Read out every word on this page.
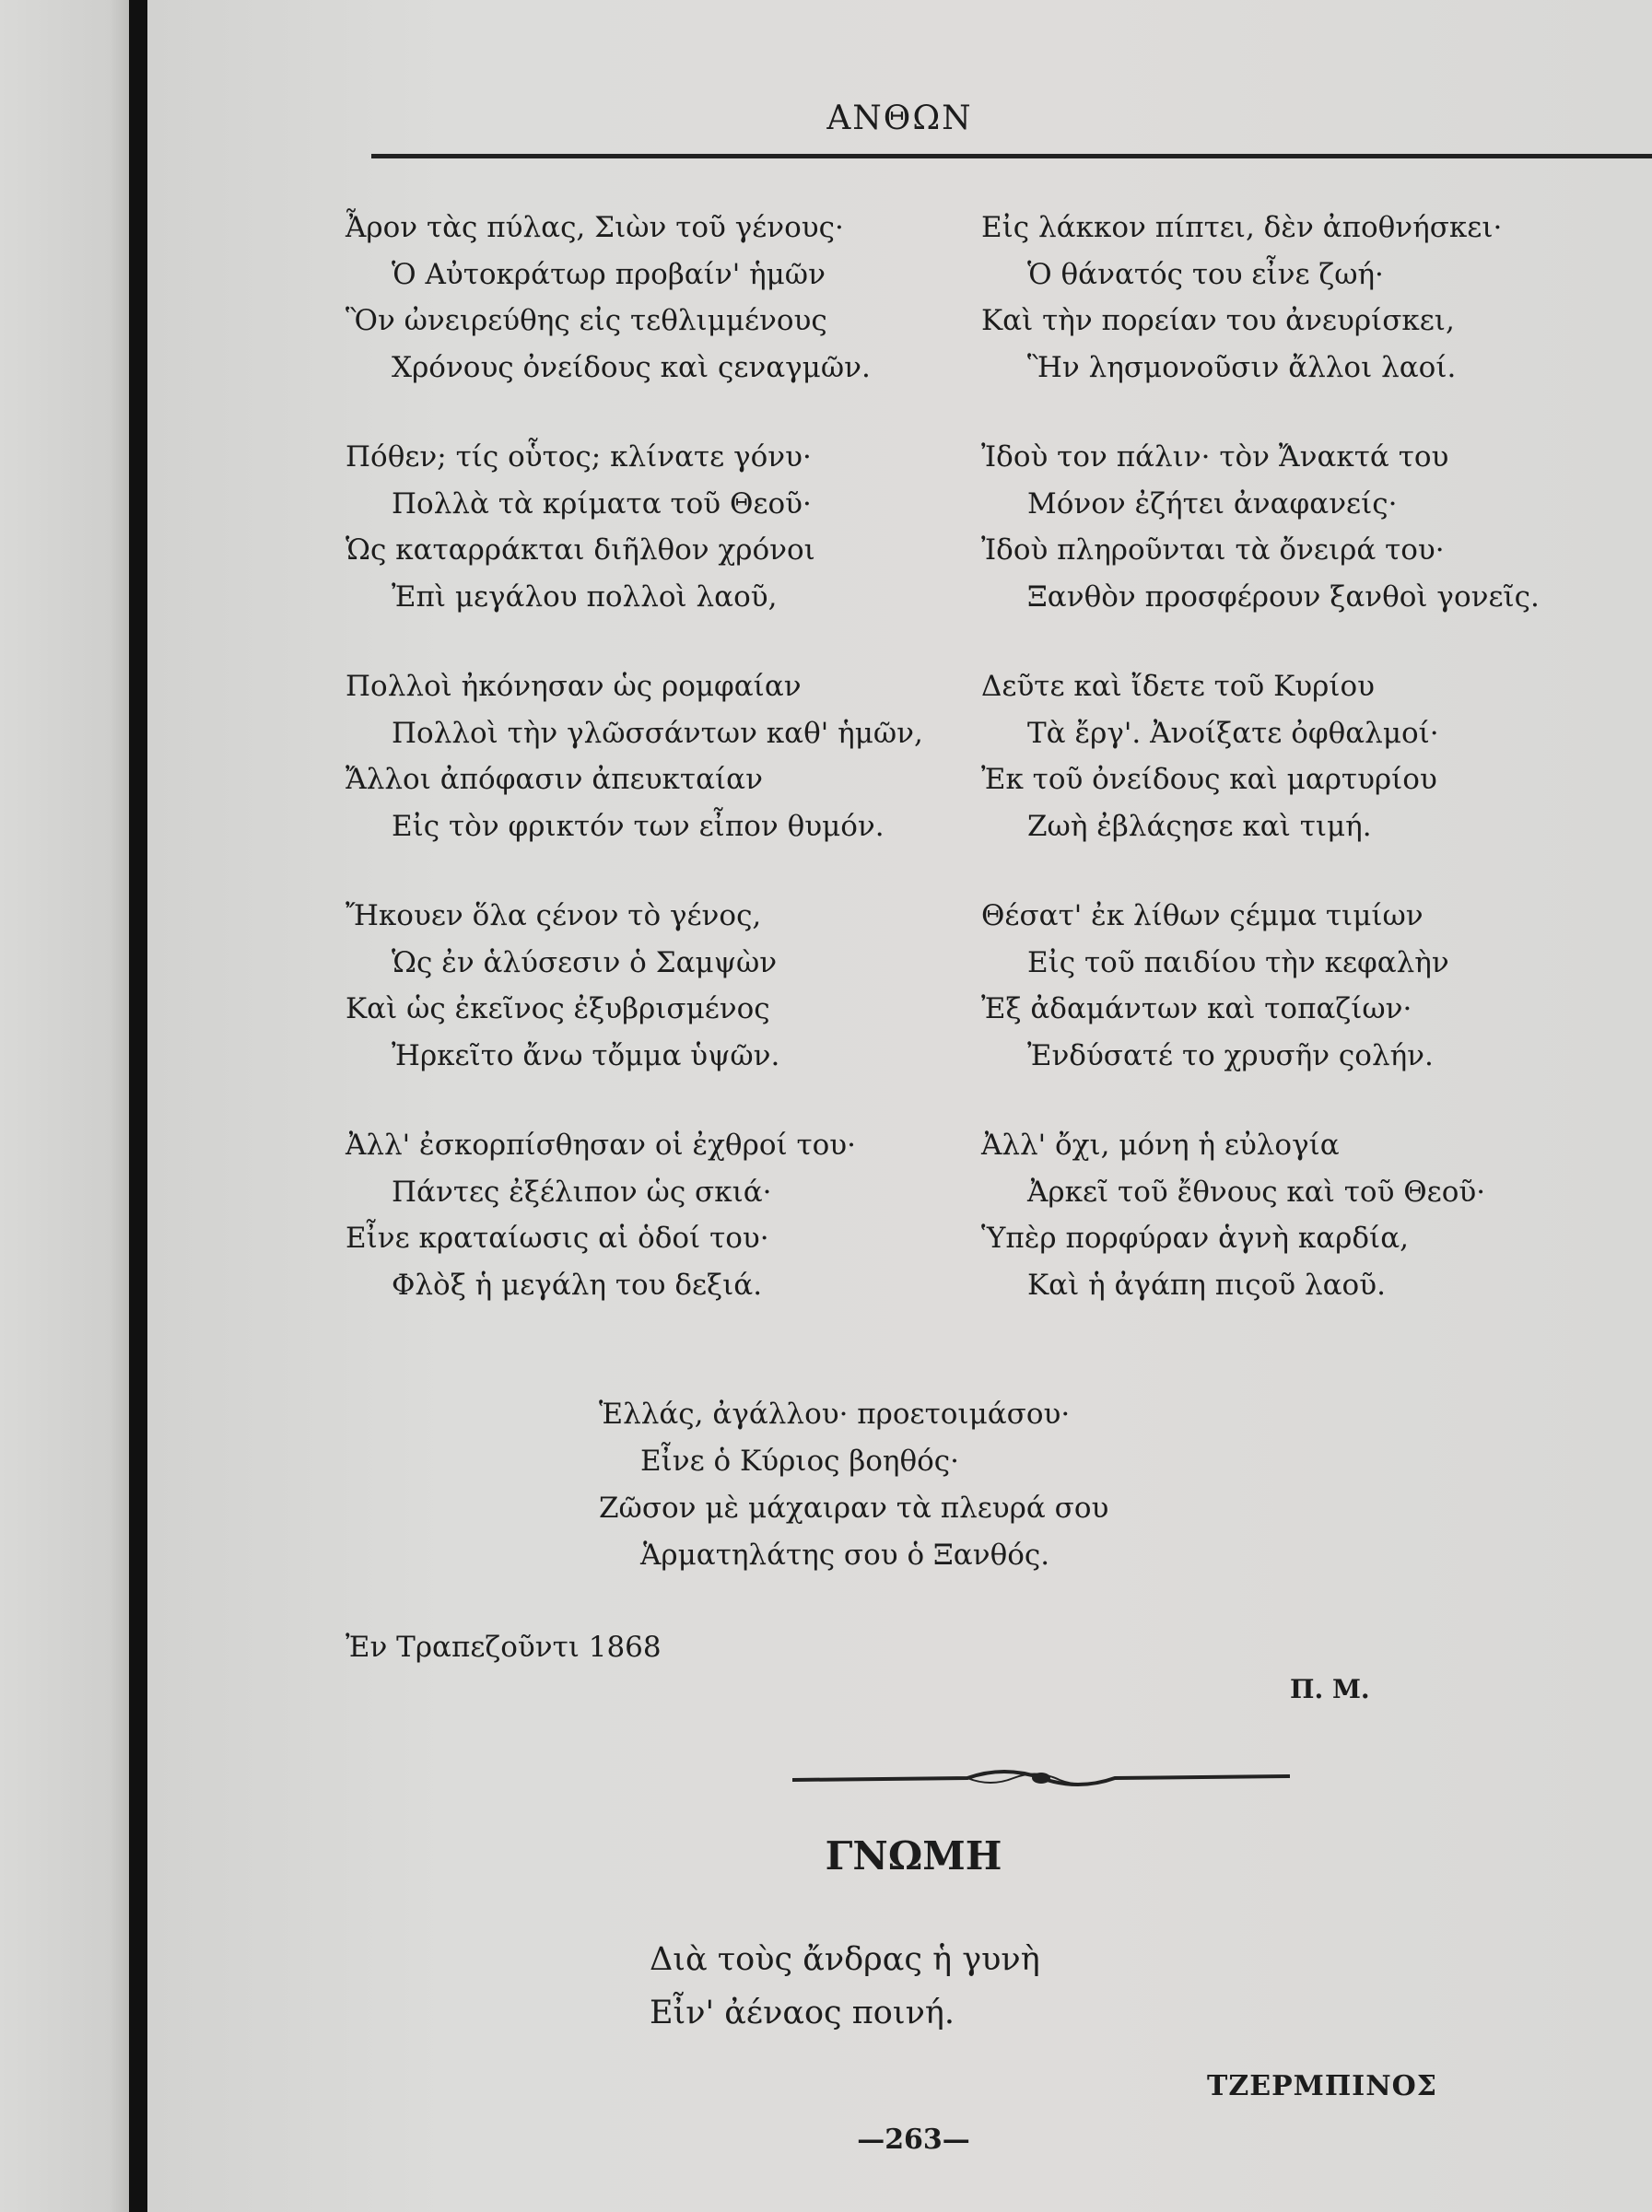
ΑΝΘΩΝ
Ἆρον τὰς πύλας, Σιὼν τοῦ γένους·
Ὁ Αὐτοκράτωρ προβαίν' ἡμῶν
Ὃν ὠνειρεύθης εἰς τεθλιμμένους
Χρόνους ὀνείδους καὶ ςεναγμῶν.
Πόθεν; τίς οὗτος; κλίνατε γόνυ·
Πολλὰ τὰ κρίματα τοῦ Θεοῦ·
Ὡς καταρράκται διῆλθον χρόνοι
Ἐπὶ μεγάλου πολλοὶ λαοῦ,
Πολλοὶ ἠκόνησαν ὡς ρομφαίαν
Πολλοὶ τὴν γλῶσσάντων καθ' ἡμῶν,
Ἄλλοι ἀπόφασιν ἀπευκταίαν
Εἰς τὸν φρικτόν των εἶπον θυμόν.
Ἤκουεν ὅλα ςένον τὸ γένος,
Ὡς ἐν ἁλύσεσιν ὁ Σαμψὼν
Καὶ ὡς ἐκεῖνος ἐξυβρισμένος
Ἠρκεῖτο ἄνω τὄμμα ὑψῶν.
Ἀλλ' ἐσκορπίσθησαν οἱ ἐχθροί του·
Πάντες ἐξέλιπον ὡς σκιά·
Εἶνε κραταίωσις αἱ ὁδοί του·
Φλὸξ ἡ μεγάλη του δεξιά.
Εἰς λάκκον πίπτει, δὲν ἀποθνήσκει·
Ὁ θάνατός του εἶνε ζωή·
Καὶ τὴν πορείαν του ἀνευρίσκει,
Ἣν λησμονοῦσιν ἄλλοι λαοί.
Ἰδοὺ τον πάλιν· τὸν Ἄνακτά του
Μόνον ἐζήτει ἀναφανείς·
Ἰδοὺ πληροῦνται τὰ ὄνειρά του·
Ξανθὸν προσφέρουν ξανθοὶ γονεῖς.
Δεῦτε καὶ ἴδετε τοῦ Κυρίου
Τὰ ἔργ'. Ἀνοίξατε ὀφθαλμοί·
Ἐκ τοῦ ὀνείδους καὶ μαρτυρίου
Ζωὴ ἐβλάςησε καὶ τιμή.
Θέσατ' ἐκ λίθων ςέμμα τιμίων
Εἰς τοῦ παιδίου τὴν κεφαλὴν
Ἐξ ἀδαμάντων καὶ τοπαζίων·
Ἐνδύσατέ το χρυσῆν ςολήν.
Ἀλλ' ὄχι, μόνη ἡ εὐλογία
Ἀρκεῖ τοῦ ἔθνους καὶ τοῦ Θεοῦ·
Ὑπὲρ πορφύραν ἁγνὴ καρδία,
Καὶ ἡ ἀγάπη πιςοῦ λαοῦ.
Ἑλλάς, ἀγάλλου· προετοιμάσου·
Εἶνε ὁ Κύριος βοηθός·
Ζῶσον μὲ μάχαιραν τὰ πλευρά σου
Ἁρματηλάτης σου ὁ Ξανθός.
Ἐν Τραπεζοῦντι 1868
Π. Μ.
ΓΝΩΜΗ
Διὰ τοὺς ἄνδρας ἡ γυνὴ
Εἶν' ἀέναος ποινή.
ΤΖΕΡΜΠΙΝΟΣ
—263—
